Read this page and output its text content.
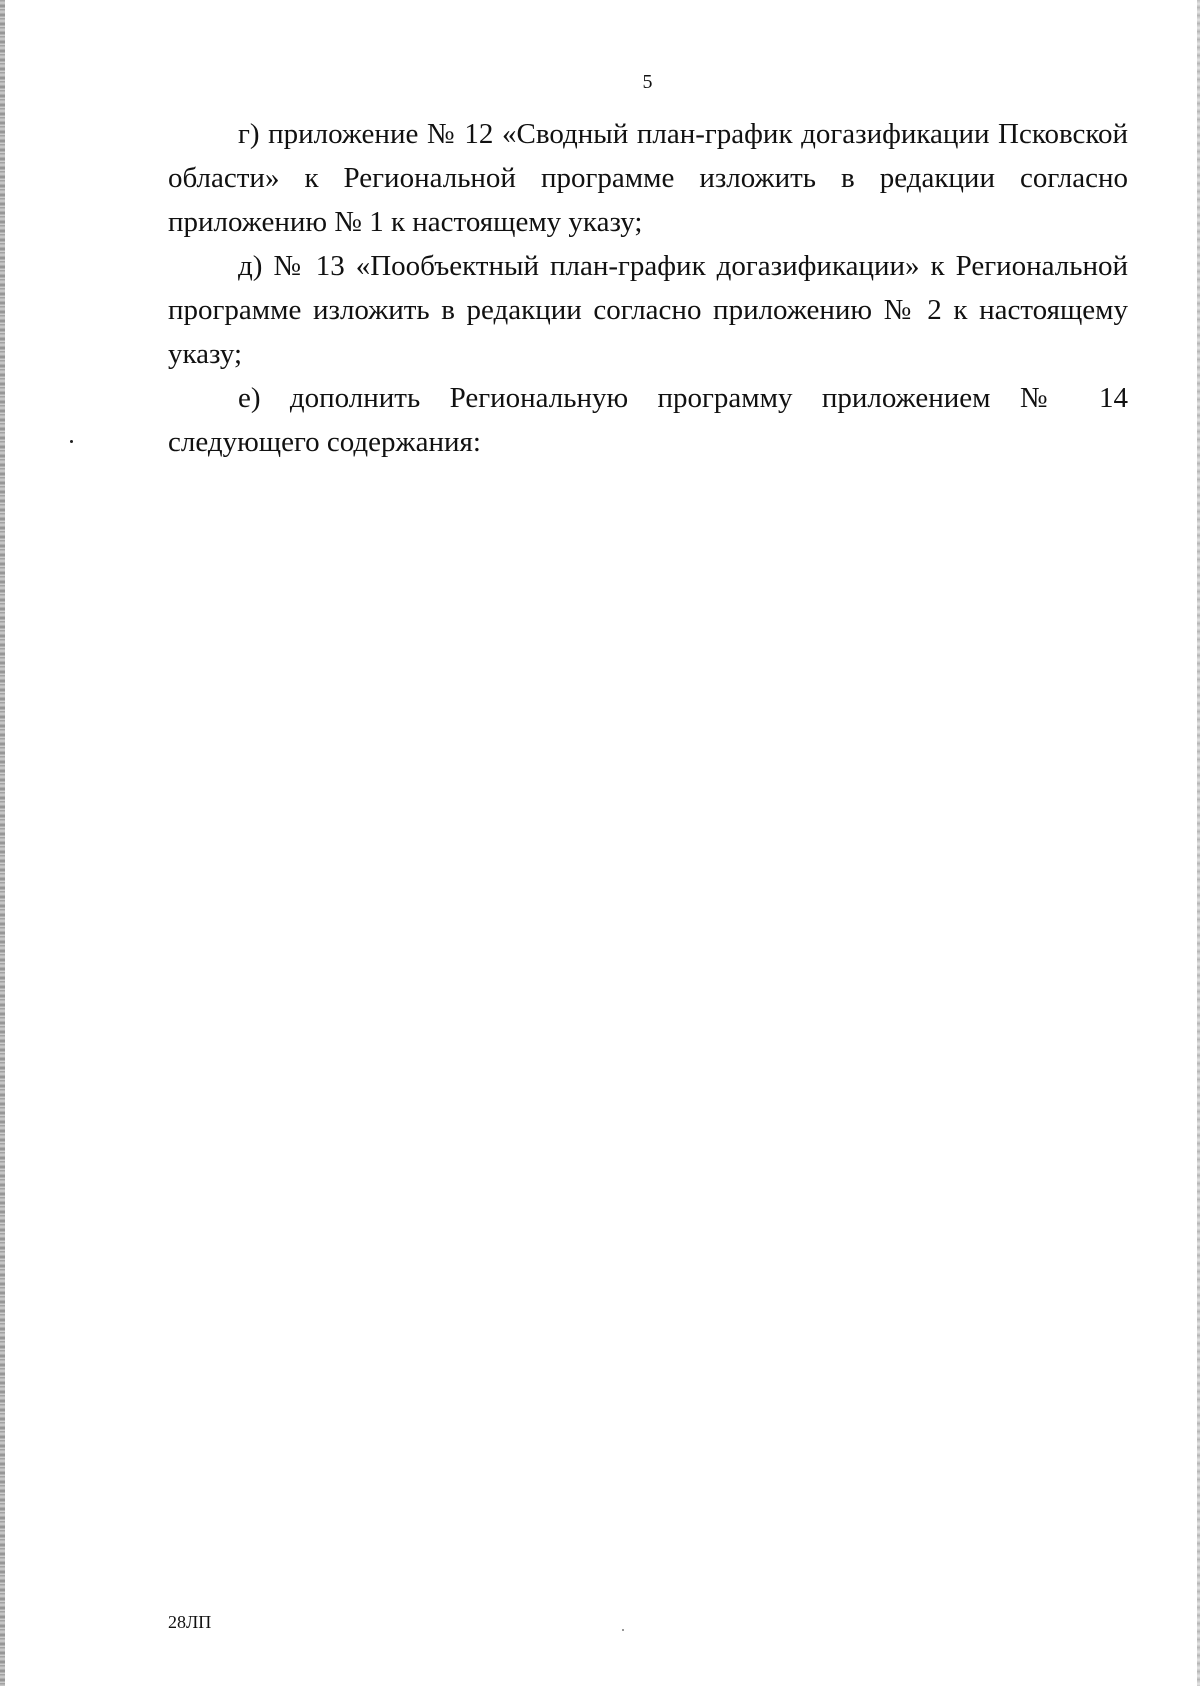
5

г) приложение № 12 «Сводный план-график догазификации Псковской области» к Региональной программе изложить в редакции согласно приложению № 1 к настоящему указу;

д) № 13 «Пообъектный план-график догазификации» к Региональной программе изложить в редакции согласно приложению № 2 к настоящему указу;

е) дополнить Региональную программу приложением № 14 следующего содержания:

28ЛП
